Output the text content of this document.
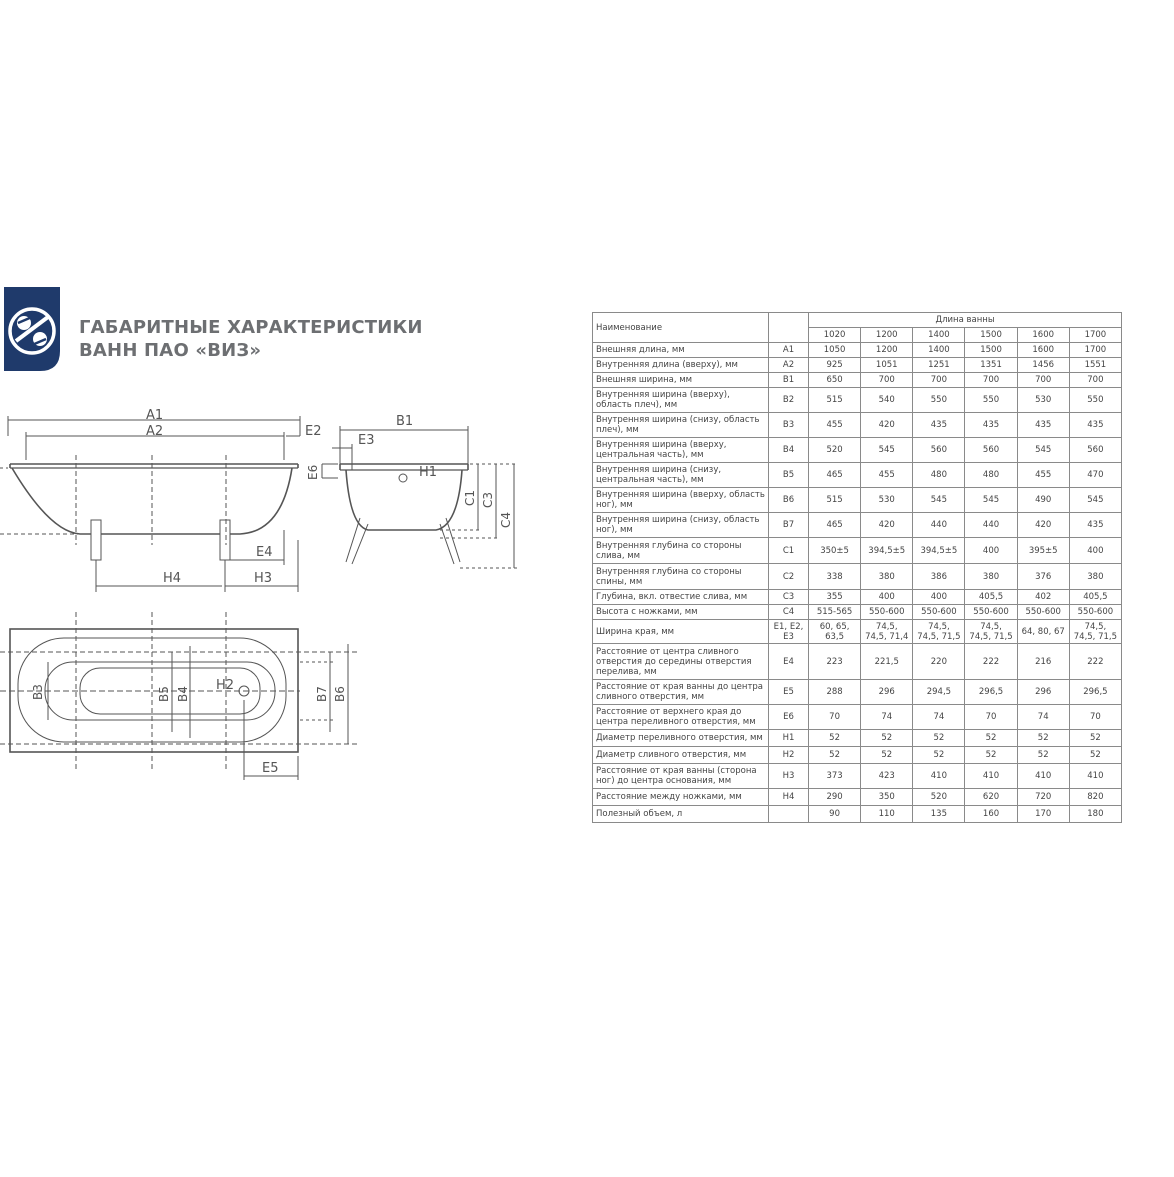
ГАБАРИТНЫЕ ХАРАКТЕРИСТИКИ
ВАНН ПАО «ВИЗ»
A1
A2	E2
E4
H4	H3
B1
E3
H1
E6
C1 C3
C4
B3	B5 B4
H2
B7 B6
E5
Наименование		Длина ванны					
		1020	1200	1400	1500	1600	1700
Внешняя длина, мм	A1	1050	1200	1400	1500	1600	1700
Внутренняя длина (вверху), мм	A2	925	1051	1251	1351	1456	1551
Внешняя ширина, мм	B1	650	700	700	700	700	700
Внутренняя ширина (вверху), область плеч), мм	B2	515	540	550	550	530	550
Внутренняя ширина (снизу, область плеч), мм	B3	455	420	435	435	435	435
Внутренняя ширина (вверху, центральная часть), мм	B4	520	545	560	560	545	560
Внутренняя ширина (снизу, центральная часть), мм	B5	465	455	480	480	455	470
Внутренняя ширина (вверху, область ног), мм	B6	515	530	545	545	490	545
Внутренняя ширина (снизу, область ног), мм	B7	465	420	440	440	420	435
Внутренняя глубина со стороны слива, мм	C1	350±5	394,5±5	394,5±5	400	395±5	400
Внутренняя глубина со стороны спины, мм	C2	338	380	386	380	376	380
Глубина, вкл. отвестие слива, мм	C3	355	400	400	405,5	402	405,5
Высота с ножками, мм	C4	515-565	550-600	550-600	550-600	550-600	550-600
Ширина края, мм	E1, E2, E3	60, 65, 63,5	74,5, 74,5, 71,4	74,5, 74,5, 71,5	74,5, 74,5, 71,5	64, 80, 67	74,5, 74,5, 71,5
Расстояние от центра сливного отверстия до середины отверстия перелива, мм	E4	223	221,5	220	222	216	222
Расстояние от края ванны до центра сливного отверстия, мм	E5	288	296	294,5	296,5	296	296,5
Расстояние от верхнего края до центра переливного отверстия, мм	E6	70	74	74	70	74	70
Диаметр переливного отверстия, мм	H1	52	52	52	52	52	52
Диаметр сливного отверстия, мм	H2	52	52	52	52	52	52
Расстояние от края ванны (сторона ног) до центра основания, мм	H3	373	423	410	410	410	410
Расстояние между ножками, мм	H4	290	350	520	620	720	820
Полезный объем, л		90	110	135	160	170	180
